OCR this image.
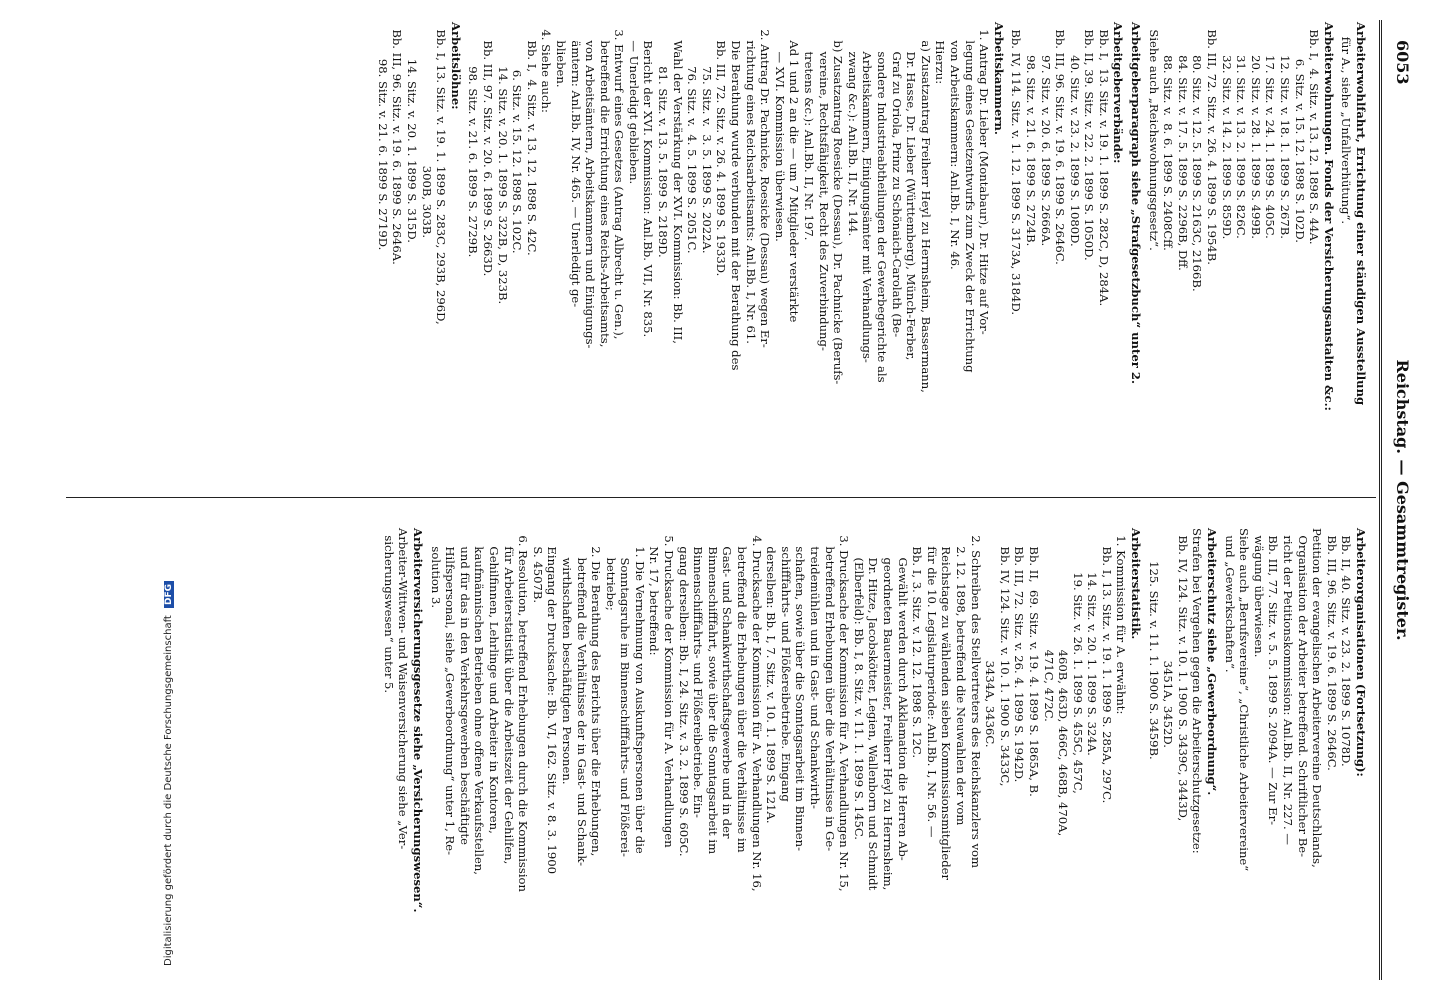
6053
Reichstag. — Gesammtregister.
Arbeiterwohlfahrt, Errichtung einer ständigen Ausstellung
für A., siehe „Unfallverhütung“.
Arbeiterwohnungen. Fonds der Versicherungsanstalten &c.:
Bb. I,  4. Sitz. v. 13. 12. 1898 S. 44A.
6. Sitz. v. 15. 12. 1898 S. 102D.
12. Sitz. v. 18. 1. 1899 S. 267B.
17. Sitz. v. 24. 1. 1899 S. 405C.
20. Sitz. v. 28. 1. 1899 S. 499B.
31. Sitz. v. 13. 2. 1899 S. 826C.
32. Sitz. v. 14. 2. 1899 S. 859D.
Bb. III, 72. Sitz. v. 26. 4. 1899 S. 1954B.
80. Sitz. v. 12. 5. 1899 S. 2163C, 2166B.
84. Sitz. v. 17. 5. 1899 S. 2296B, Dff.
88. Sitz. v.  8. 6. 1899 S. 2408Cff.
Siehe auch „Reichswohnungsgesetz“.
Arbeitgeberparagraph siehe „Strafgesetzbuch“ unter 2.
Arbeitgeberverbände:
Bb. I,  13. Sitz. v. 19. 1. 1899 S. 282C, D, 284A.
Bb. II, 39. Sitz. v. 22. 2. 1899 S. 1050D.
40. Sitz. v. 23. 2. 1899 S. 1080D.
Bb. III, 96. Sitz. v. 19. 6. 1899 S. 2646C.
97. Sitz. v. 20. 6. 1899 S. 2666A.
98. Sitz. v. 21. 6. 1899 S. 2724B.
Bb. IV, 114. Sitz. v. 1. 12. 1899 S. 3173A, 3184D.
Arbeitskammern.
1. Antrag Dr. Lieber (Montabaur), Dr. Hitze auf Vor-
legung eines Gesetzentwurfs zum Zweck der Errichtung
von Arbeitskammern: Anl.Bb. I, Nr. 46.
Hierzu:
a) Zusatzantrag Freiherr Heyl zu Herrnsheim, Bassermann,
Dr. Hasse, Dr. Lieber (Württemberg), Münch-Ferber,
Graf zu Oriola, Prinz zu Schönaich-Carolath (Be-
sondere Industrieabtheilungen der Gewerbegerichte als
Arbeitskammern, Einigungsämter mit Verhandlungs-
zwang &c.): Anl.Bb. II, Nr. 144.
b) Zusatzantrag Roesicke (Dessau), Dr. Pachnicke (Berufs-
vereine, Rechtsfähigkeit, Recht des Zuverbindung-
tretens &c.): Anl.Bb. II, Nr. 197.
Ad 1 und 2 an die — um 7 Mitglieder verstärkte
— XVI. Kommission überwiesen.
2. Antrag Dr. Pachnicke, Roesicke (Dessau) wegen Er-
richtung eines Reichsarbeitsamts: Anl.Bb. I, Nr. 61.
Die Berathung wurde verbunden mit der Berathung des
Bb. III, 72. Sitz. v. 26. 4. 1899 S. 1933D.
75. Sitz. v.  3. 5. 1899 S. 2022A.
76. Sitz. v.  4. 5. 1899 S. 2051C.
Wahl der Verstärkung der XVI. Kommission: Bb. III,
81. Sitz. v. 13. 5. 1899 S. 2189D.
Bericht der XVI. Kommission: Anl.Bb. VII, Nr. 835.
— Unerledigt geblieben.
3. Entwurf eines Gesetzes (Antrag Albrecht u. Gen.),
betreffend die Errichtung eines Reichs-Arbeitsamts,
von Arbeitsämtern, Arbeitskammern und Einigungs-
ämtern: Anl.Bb. IV, Nr. 465. — Unerledigt ge-
blieben.
4. Siehe auch:
Bb. I,  4. Sitz. v. 13. 12. 1898 S. 42C.
6. Sitz. v. 15. 12. 1898 S. 102C.
14. Sitz. v. 20. 1. 1899 S. 322B, D, 323B.
Bb. III, 97. Sitz. v. 20. 6. 1899 S. 2663D.
98. Sitz. v. 21. 6. 1899 S. 2729B.
Arbeitslöhne:
Bb. I, 13. Sitz. v. 19. 1. 1899 S. 283C, 293B, 296D,
300B, 303B.
14. Sitz. v. 20. 1. 1899 S. 315D.
Bb. III, 96. Sitz. v. 19. 6. 1899 S. 2646A.
98. Sitz. v. 21. 6. 1899 S. 2719D.
Arbeiterorganisationen (Fortsetzung):
Bb. II, 40. Sitz. v. 23. 2. 1899 S. 1078D.
Bb. III, 96. Sitz. v. 19. 6. 1899 S. 2646C.
Petition der evangelischen Arbeitervereine Deutschlands,
Organisation der Arbeiter betreffend. Schriftlicher Be-
richt der Petitionskommission: Anl.Bb. II, Nr. 227. —
Bb. III, 77. Sitz. v. 5. 5. 1899 S. 2094A. — Zur Er-
wägung überwiesen.
Siehe auch „Berufsvereine“, „Christliche Arbeitervereine“
und „Gewerkschaften“.
Arbeiterschutz siehe „Gewerbeordnung“.
Strafen bei Vergehen gegen die Arbeiterschutzgesetze:
Bb. IV, 124. Sitz. v. 10. 1. 1900 S. 3439C, 3443D,
3451A, 3452D.
125. Sitz. v. 11. 1. 1900 S. 3459B.
Arbeiterstatistik.
1. Kommission für A. erwähnt:
Bb. I, 13. Sitz. v. 19. 1. 1899 S. 285A, 297C.
14. Sitz. v. 20. 1. 1899 S. 324A.
19. Sitz. v. 26. 1. 1899 S. 455C, 457C,
460B, 463D, 466C, 468B, 470A,
471C, 472C.
Bb. II,  69. Sitz. v. 19. 4. 1899 S. 1865A, B.
Bb. III, 72. Sitz. v. 26. 4. 1899 S. 1942D.
Bb. IV, 124. Sitz. v. 10. 1. 1900 S. 3433C,
3434A, 3436C.
2. Schreiben des Stellvertreters des Reichskanzlers vom
2. 12. 1898, betreffend die Neuwahlen der vom
Reichstage zu wählenden sieben Kommissionsmitglieder
für die 10. Legislaturperiode: Anl.Bb. I, Nr. 56. —
Bb. I, 3. Sitz. v. 12. 12. 1898 S. 12C.
Gewählt werden durch Akklamation die Herren Ab-
geordneten Bauermeister, Freiherr Heyl zu Herrnsheim,
Dr. Hitze, Jacobskötter, Legien, Wallenborn und Schmidt
(Elberfeld): Bb. I, 8. Sitz. v. 11. 1. 1899 S. 145C.
3. Drucksache der Kommission für A. Verhandlungen Nr. 15,
betreffend Erhebungen über die Verhältnisse in Ge-
treidemühlen und in Gast- und Schankwirth-
schaften, sowie über die Sonntagsarbeit im Binnen-
schifffahrts- und Flößereibetriebe. Eingang
derselben: Bb. I, 7. Sitz. v. 10. 1. 1899 S. 121A.
4. Drucksache der Kommission für A. Verhandlungen Nr. 16,
betreffend die Erhebungen über die Verhältnisse im
Gast- und Schankwirthschaftsgewerbe und in der
Binnenschifffahrt, sowie über die Sonntagsarbeit im
Binnenschifffahrts- und Flößereibetriebe. Ein-
gang derselben: Bb. I, 24. Sitz. v. 3. 2. 1899 S. 605C.
5. Drucksache der Kommission für A. Verhandlungen
Nr. 17, betreffend:
1. Die Vernehmung von Auskunftspersonen über die
Sonntagsruhe im Binnenschifffahrts- und Flößerei-
betriebe;
2. Die Berathung des Berichts über die Erhebungen,
betreffend die Verhältnisse der in Gast- und Schank-
wirthschaften beschäftigten Personen.
Eingang der Drucksache: Bb. VI, 162. Sitz. v. 8. 3. 1900
S. 4507B.
6. Resolution, betreffend Erhebungen durch die Kommission
für Arbeiterstatistik über die Arbeitszeit der Gehilfen,
Gehilfinnen, Lehrlinge und Arbeiter in Kontoren,
kaufmännischen Betrieben ohne offene Verkaufsstellen,
und für das in den Verkehrsgewerben beschäftigte
Hilfspersonal, siehe „Gewerbeordnung“ unter 1, Re-
solution 3.
Arbeiterversicherungsgesetze siehe „Versicherungswesen“.
Arbeiter-Wittwen- und Waisenversicherung siehe „Ver-
sicherungswesen“ unter 5.
Digitalisierung gefördert durch die Deutsche Forschungsgemeinschaft DFG
